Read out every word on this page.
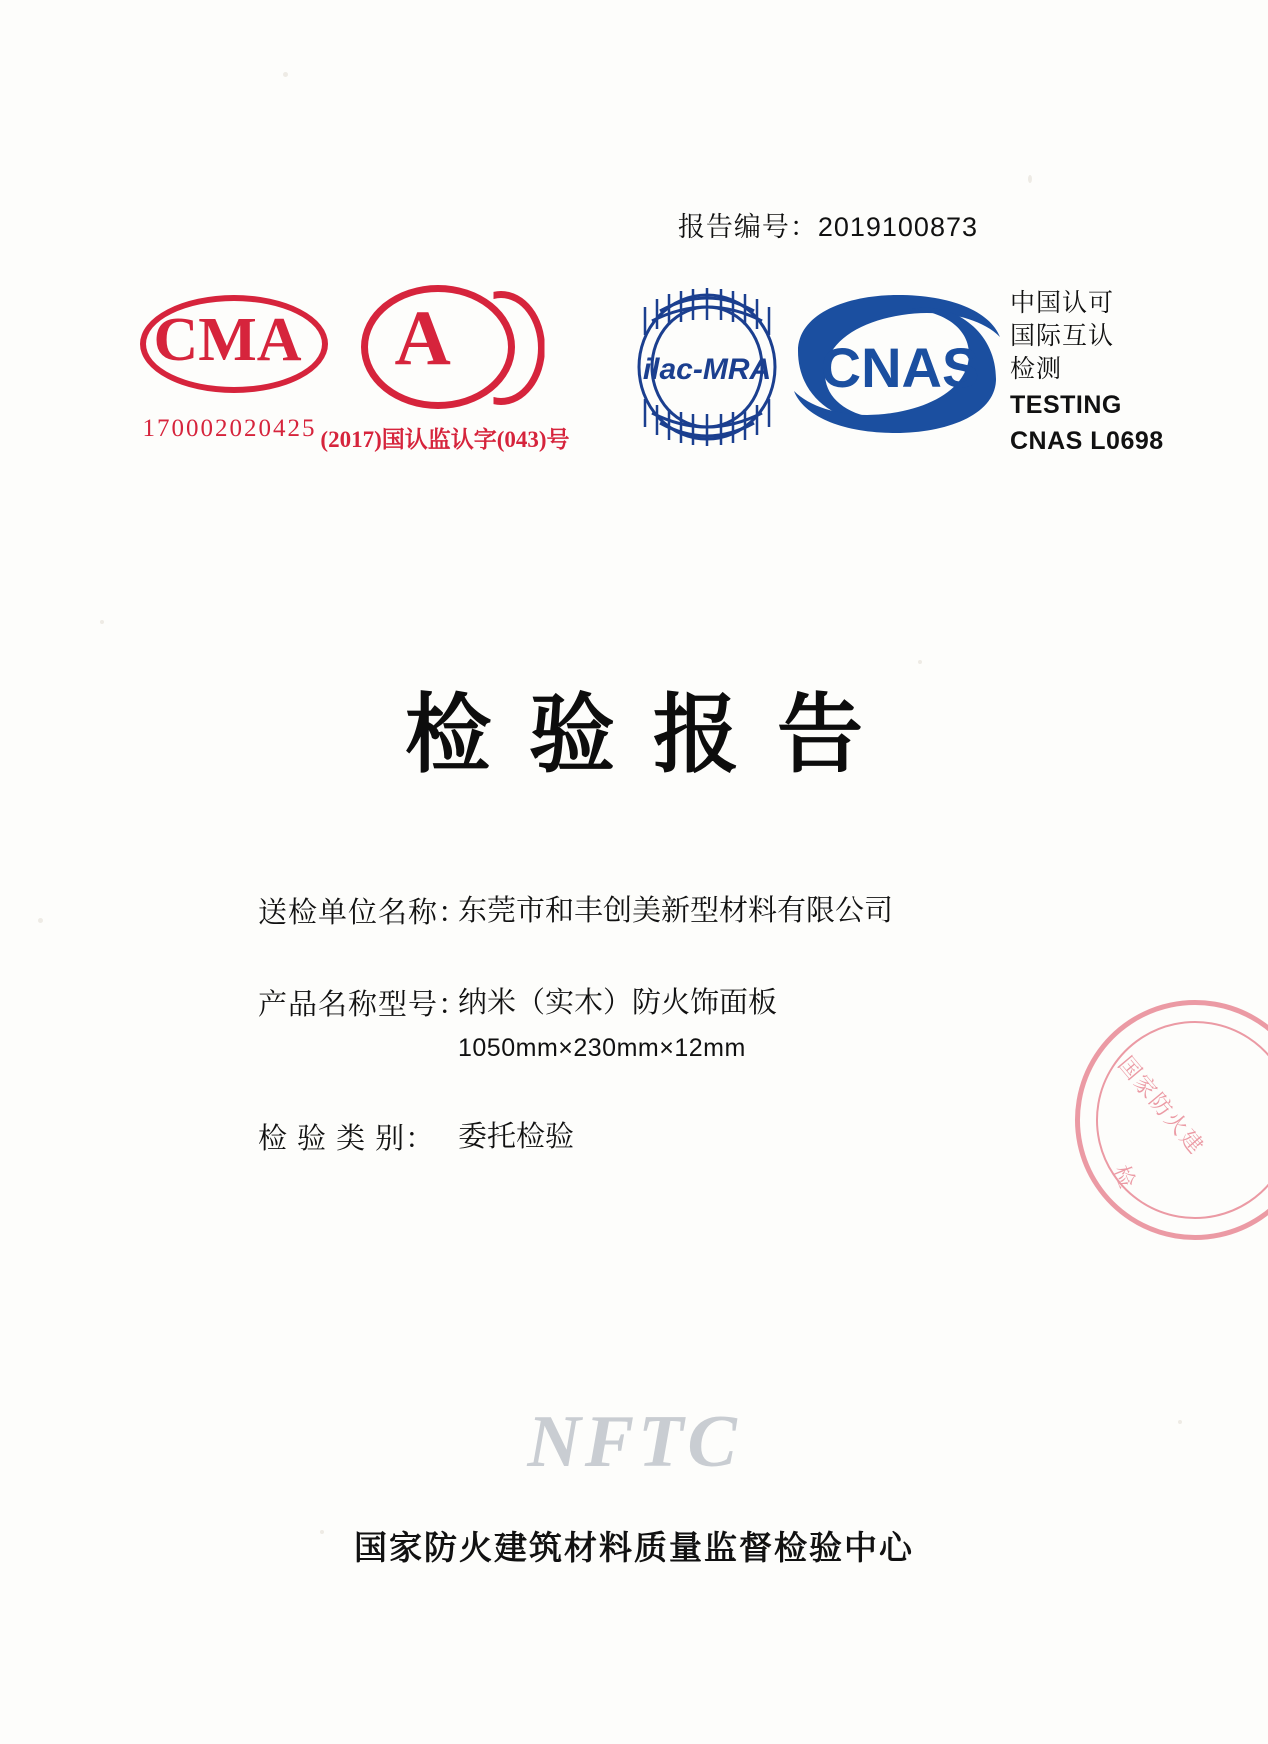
报告编号：2019100873
CMA
170002020425
A
(2017)国认监认字(043)号
ilac-MRA CNAS
中国认可
国际互认
检测
TESTING
CNAS L0698
检验报告
送检单位名称：
东莞市和丰创美新型材料有限公司
产品名称型号：
纳米（实木）防火饰面板
1050mm×230mm×12mm
检 验 类 别： 委托检验	国家防火建
检
NFTC
国家防火建筑材料质量监督检验中心
